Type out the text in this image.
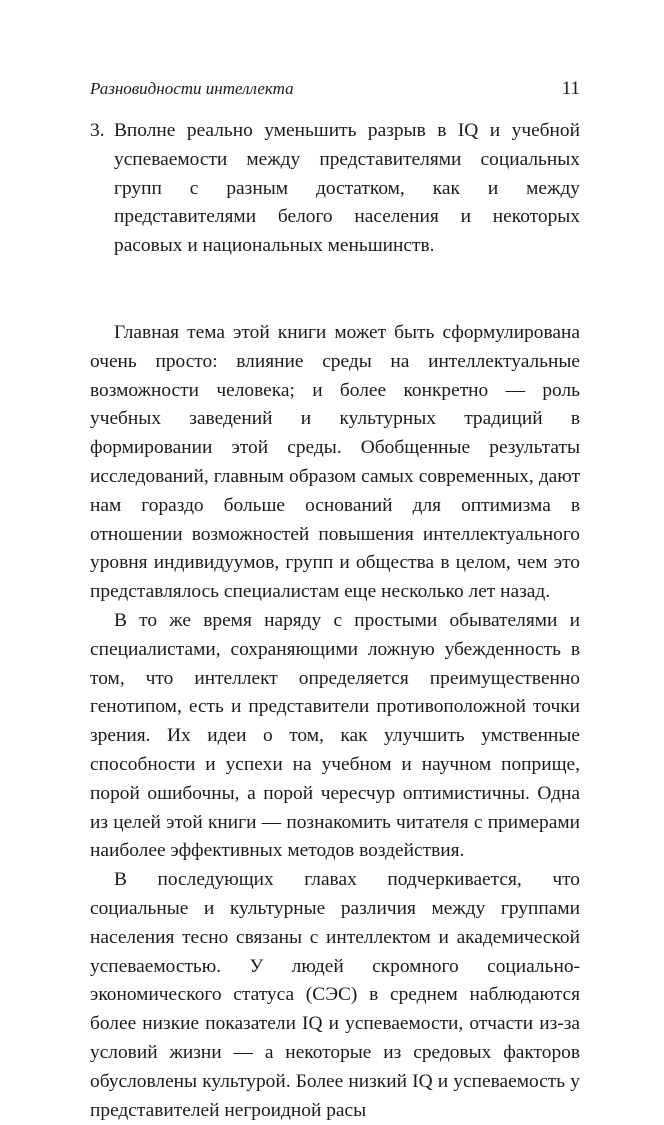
Разновидности интеллекта	11
3. Вполне реально уменьшить разрыв в IQ и учебной успеваемости между представителями социальных групп с разным достатком, как и между представителями белого населения и некоторых расовых и национальных меньшинств.

Главная тема этой книги может быть сформулирована очень просто: влияние среды на интеллектуальные возможности человека; и более конкретно — роль учебных заведений и культурных традиций в формировании этой среды. Обобщенные результаты исследований, главным образом самых современных, дают нам гораздо больше оснований для оптимизма в отношении возможностей повышения интеллектуального уровня индивидуумов, групп и общества в целом, чем это представлялось специалистам еще несколько лет назад.

В то же время наряду с простыми обывателями и специалистами, сохраняющими ложную убежденность в том, что интеллект определяется преимущественно генотипом, есть и представители противоположной точки зрения. Их идеи о том, как улучшить умственные способности и успехи на учебном и научном поприще, порой ошибочны, а порой чересчур оптимистичны. Одна из целей этой книги — познакомить читателя с примерами наиболее эффективных методов воздействия.

В последующих главах подчеркивается, что социальные и культурные различия между группами населения тесно связаны с интеллектом и академической успеваемостью. У людей скромного социально-экономического статуса (СЭС) в среднем наблюдаются более низкие показатели IQ и успеваемости, отчасти из-за условий жизни — а некоторые из средовых факторов обусловлены культурой. Более низкий IQ и успеваемость у представителей негроидной расы
